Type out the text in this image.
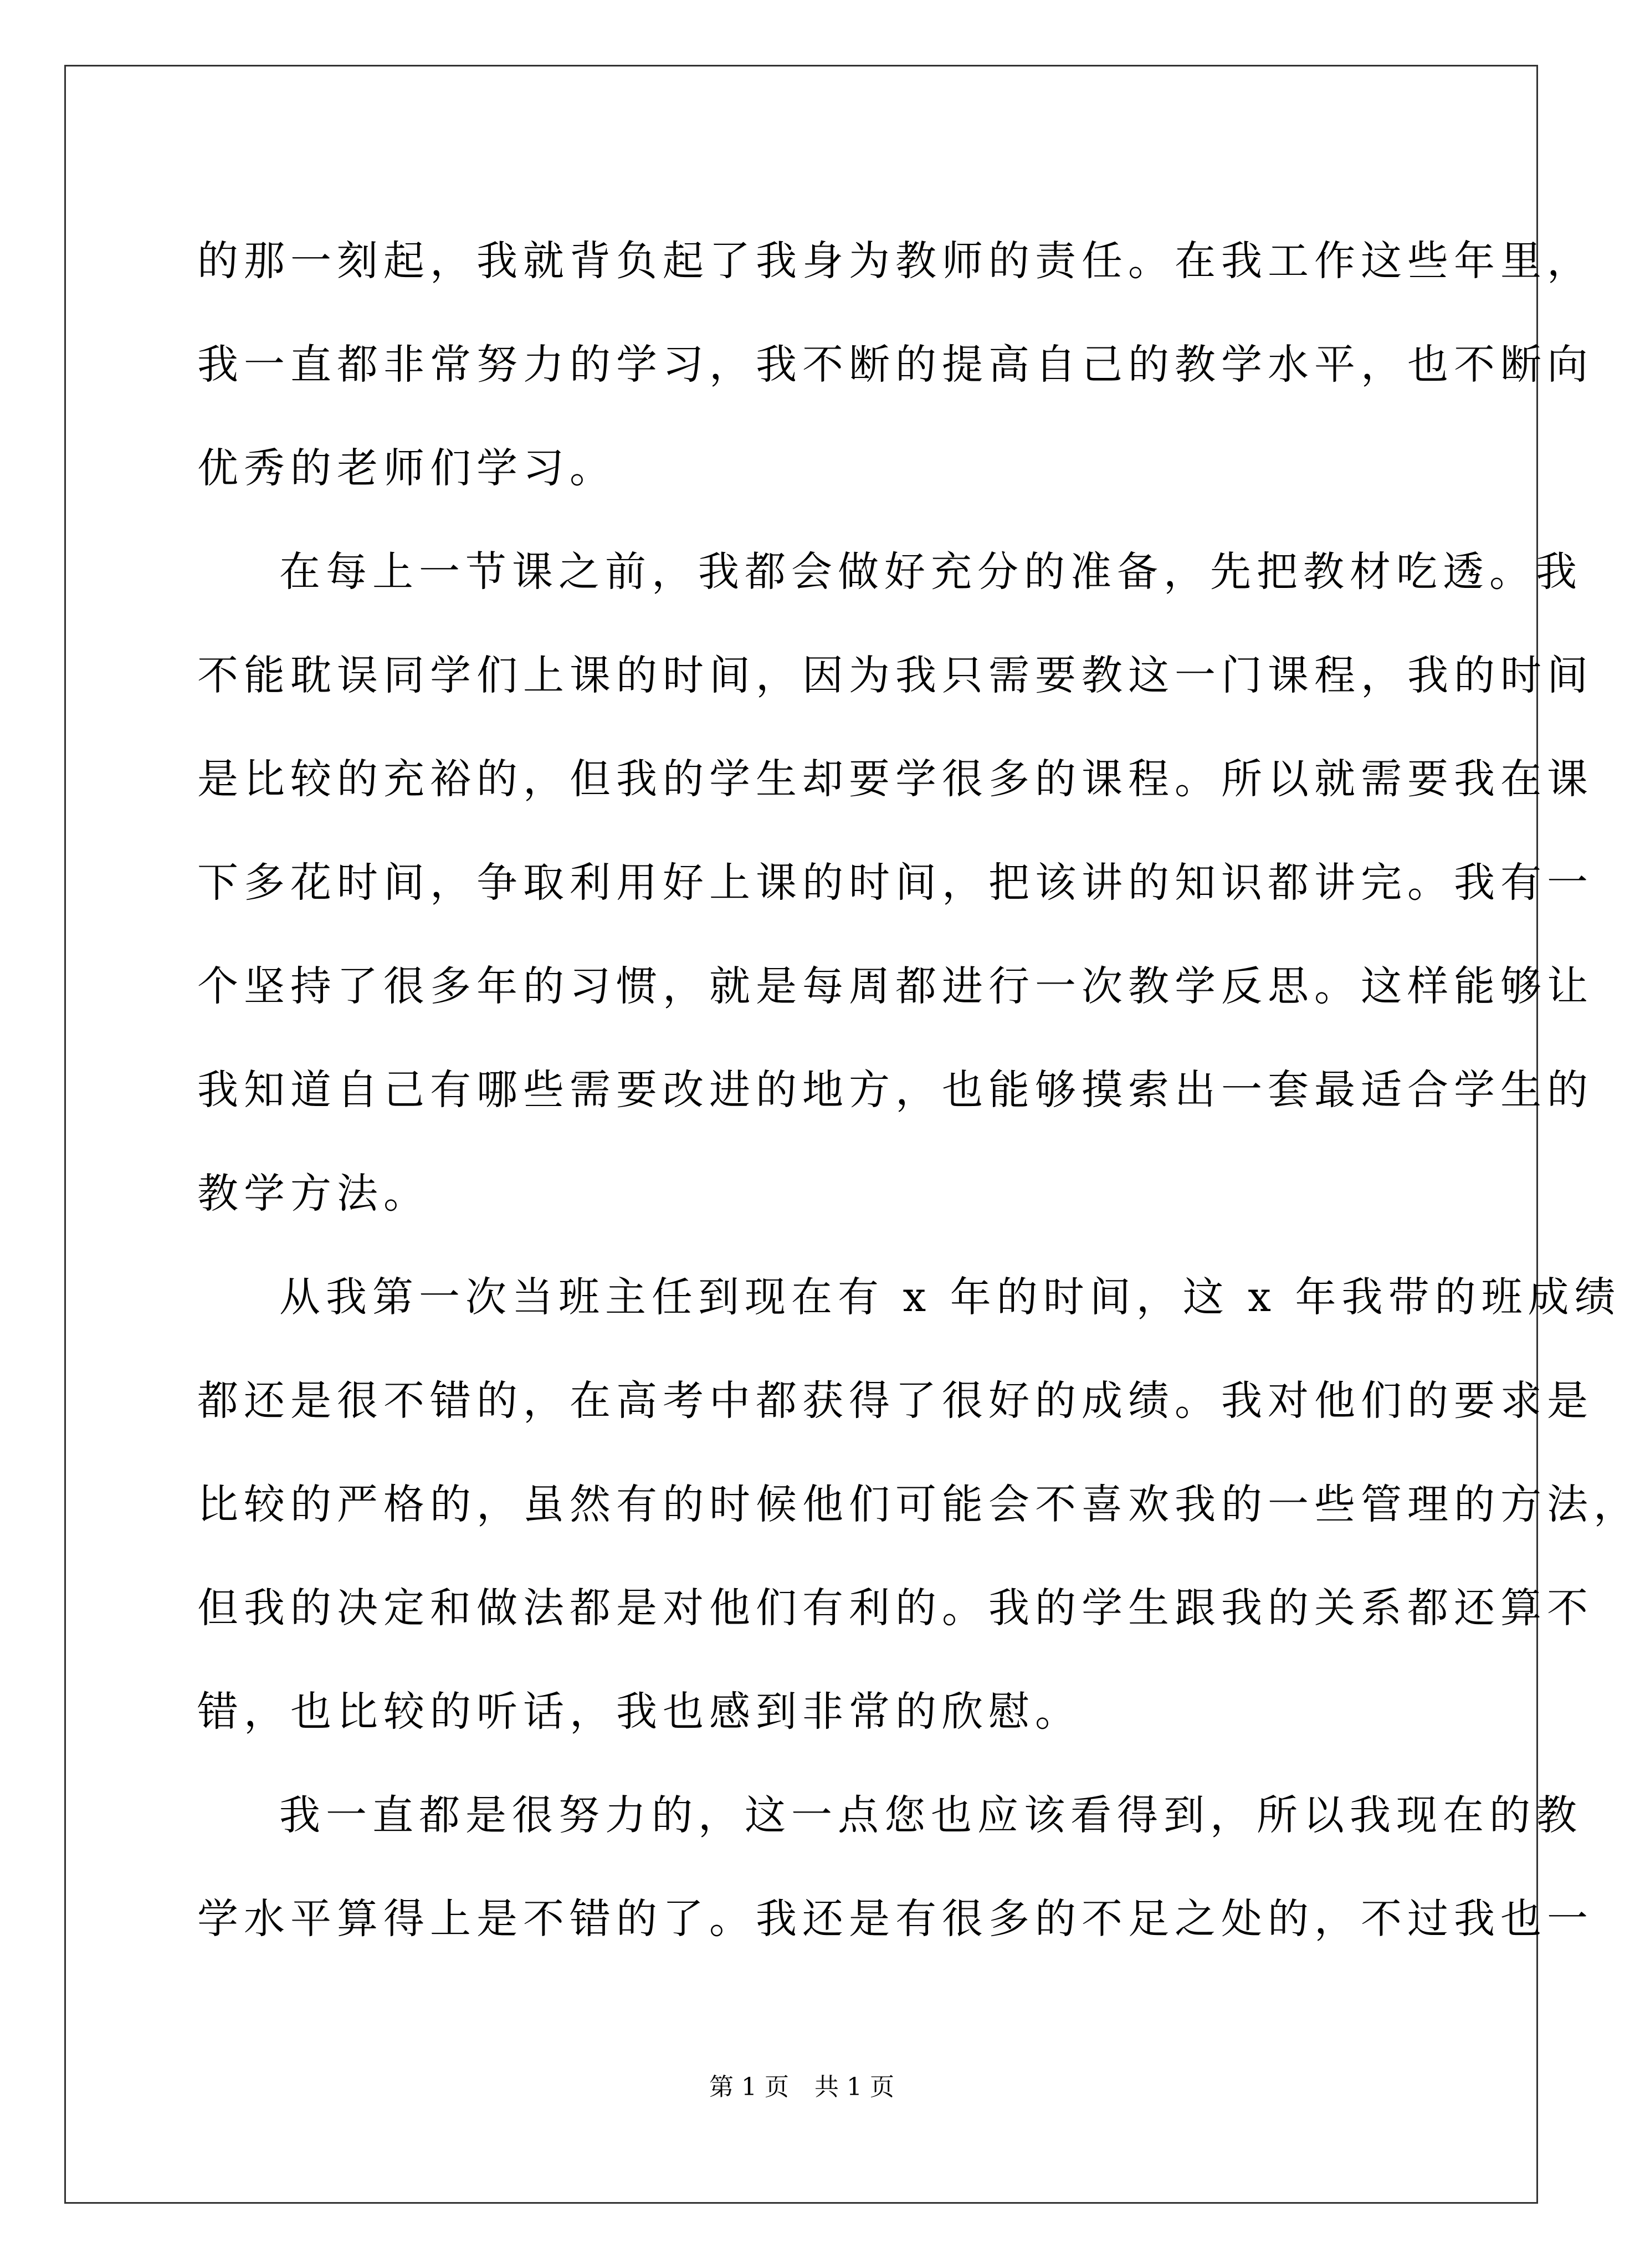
的那一刻起，我就背负起了我身为教师的责任。在我工作这些年里，
我一直都非常努力的学习，我不断的提高自己的教学水平，也不断向
优秀的老师们学习。
在每上一节课之前，我都会做好充分的准备，先把教材吃透。我
不能耽误同学们上课的时间，因为我只需要教这一门课程，我的时间
是比较的充裕的，但我的学生却要学很多的课程。所以就需要我在课
下多花时间，争取利用好上课的时间，把该讲的知识都讲完。我有一
个坚持了很多年的习惯，就是每周都进行一次教学反思。这样能够让
我知道自己有哪些需要改进的地方，也能够摸索出一套最适合学生的
教学方法。
从我第一次当班主任到现在有 x 年的时间，这 x 年我带的班成绩
都还是很不错的，在高考中都获得了很好的成绩。我对他们的要求是
比较的严格的，虽然有的时候他们可能会不喜欢我的一些管理的方法，
但我的决定和做法都是对他们有利的。我的学生跟我的关系都还算不
错，也比较的听话，我也感到非常的欣慰。
我一直都是很努力的，这一点您也应该看得到，所以我现在的教
学水平算得上是不错的了。我还是有很多的不足之处的，不过我也一
第 1 页 共 1 页
